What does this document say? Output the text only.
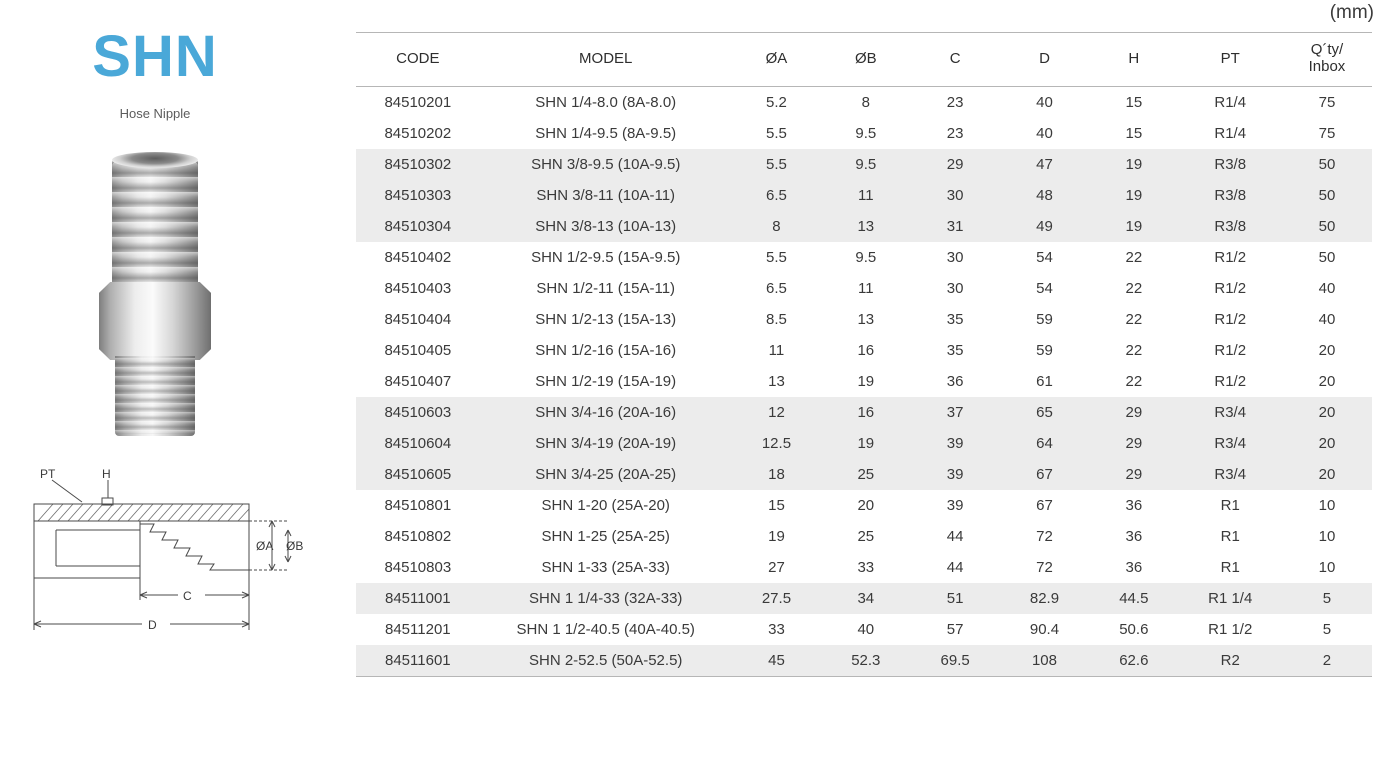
SHN
Hose Nipple
PT	H
ØA ØB
C
D
(mm)
CODE	MODEL	ØA	ØB	C	D	H	PT	Q´ty/
Inbox
84510201	SHN 1/4-8.0 (8A-8.0)	5.2	8	23	40	15	R1/4	75
84510202	SHN 1/4-9.5 (8A-9.5)	5.5	9.5	23	40	15	R1/4	75
84510302	SHN 3/8-9.5 (10A-9.5)	5.5	9.5	29	47	19	R3/8	50
84510303	SHN 3/8-11 (10A-11)	6.5	11	30	48	19	R3/8	50
84510304	SHN 3/8-13 (10A-13)	8	13	31	49	19	R3/8	50
84510402	SHN 1/2-9.5 (15A-9.5)	5.5	9.5	30	54	22	R1/2	50
84510403	SHN 1/2-11 (15A-11)	6.5	11	30	54	22	R1/2	40
84510404	SHN 1/2-13 (15A-13)	8.5	13	35	59	22	R1/2	40
84510405	SHN 1/2-16 (15A-16)	11	16	35	59	22	R1/2	20
84510407	SHN 1/2-19 (15A-19)	13	19	36	61	22	R1/2	20
84510603	SHN 3/4-16 (20A-16)	12	16	37	65	29	R3/4	20
84510604	SHN 3/4-19 (20A-19)	12.5	19	39	64	29	R3/4	20
84510605	SHN 3/4-25 (20A-25)	18	25	39	67	29	R3/4	20
84510801	SHN 1-20 (25A-20)	15	20	39	67	36	R1	10
84510802	SHN 1-25 (25A-25)	19	25	44	72	36	R1	10
84510803	SHN 1-33 (25A-33)	27	33	44	72	36	R1	10
84511001	SHN 1 1/4-33 (32A-33)	27.5	34	51	82.9	44.5	R1 1/4	5
84511201	SHN 1 1/2-40.5 (40A-40.5)	33	40	57	90.4	50.6	R1 1/2	5
84511601	SHN 2-52.5 (50A-52.5)	45	52.3	69.5	108	62.6	R2	2
